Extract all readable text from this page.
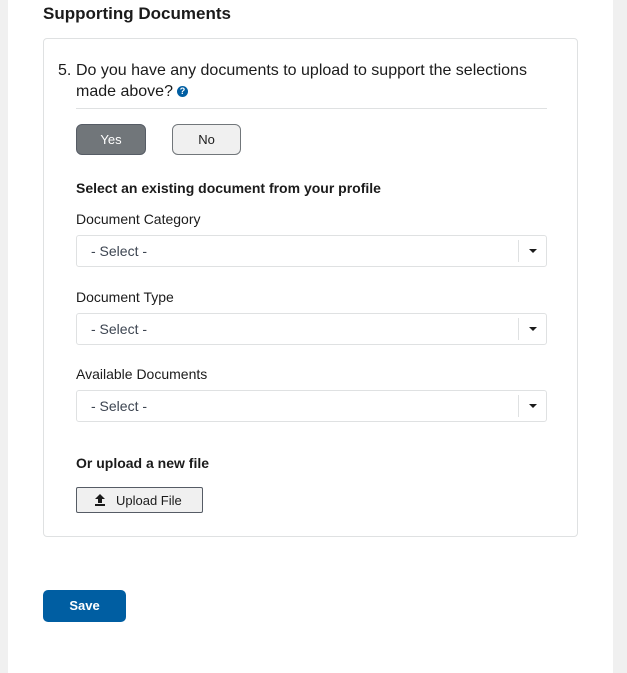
Supporting Documents
5. Do you have any documents to upload to support the selections made above? ?
Yes	No
Select an existing document from your profile
Document Category
- Select -
Document Type
- Select -
Available Documents
- Select -
Or upload a new file
Upload File
Save
